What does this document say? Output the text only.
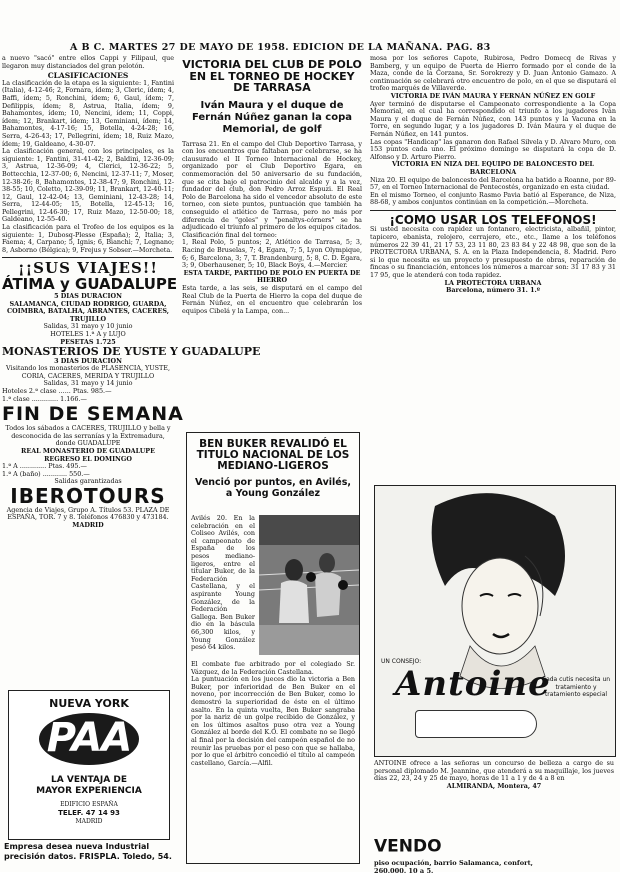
A B C. MARTES 27 DE MAYO DE 1958. EDICION DE LA MAÑANA. PAG. 83

a nuevo "sacó" entre ellos Cappi y Filipaul, que llegaron muy distanciados del gran pelotón.

CLASIFICACIONES

La clasificación de la etapa es la siguiente: 1, Fantini (Italia), 4-12-46; 2, Fornara, ídem; 3, Cleric, ídem; 4, Baffi, ídem; 5, Ronchini, ídem; 6, Gaul, ídem; 7, Defilippis, ídem; 8, Astrua, Italia, ídem; 9, Bahamontes, ídem; 10, Nencini, ídem; 11, Coppi, ídem; 12, Brankart, ídem; 13, Geminiani, ídem; 14, Bahamontes, 4-17-16; 15, Botella, 4-24-28; 16, Serra, 4-26-43; 17, Pellegrini, ídem; 18, Ruiz Mazo, ídem; 19, Galdeano, 4-30-07.

La clasificación general, con los principales, es la siguiente: 1, Fantini, 31-41-42; 2, Baldini, 12-36-09; 3, Astrua, 12-36-09; 4, Clerici, 12-36-22; 5, Bottecchia, 12-37-00; 6, Nencini, 12-37-11; 7, Moser, 12-38-26; 8, Bahamontes, 12-38-47; 9, Ronchini, 12-38-55; 10, Coletto, 12-39-09; 11, Brankart, 12-40-11; 12, Gaul, 12-42-04; 13, Geminiani, 12-43-28; 14, Serra, 12-44-05; 15, Botella, 12-45-13; 16, Pellegrini, 12-46-30; 17, Ruiz Mazo, 12-50-00; 18, Galdeano, 12-55-40.

La clasificación para el Trofeo de los equipos es la siguiente: 1, Dubosq-Plesse (España); 2, Italia; 3, Faema; 4, Carpano; 5, Ignis; 6, Bianchi; 7, Legnano; 8, Asborno (Bélgica); 9, Frejus y Sobser.—Morcheta.

¡¡SUS VIAJES!!
ÁTIMA y GUADALUPE

5 DIAS DURACION

SALAMANCA, CIUDAD RODRIGO, GUARDA, COIMBRA, BATALHA, ABRANTES, CACERES, TRUJILLO

Salidas, 31 mayo y 10 junio

HOTELES 1.ª A y LUJO

PESETAS 1.725

MONASTERIOS DE YUSTE Y GUADALUPE

3 DIAS DURACION

Visitando los monasterios de PLASENCIA, YUSTE, CORIA, CACERES, MERIDA Y TRUJILLO

Salidas, 31 mayo y 14 junio

Hoteles 2.ª clase ...... Ptas. 985.—

1.ª clase ............. 1.166.—

FIN DE SEMANA

Todos los sábados a CACERES, TRUJILLO y bella y desconocida de las serranías y la Extremadura, donde GUADALUPE

REAL MONASTERIO DE GUADALUPE

REGRESO EL DOMINGO

1.ª A ............. Ptas. 495.—

1.ª A (baño) ............ 550.—

Salidas garantizadas

IBEROTOURS

Agencia de Viajes, Grupo A. Títulos 53. PLAZA DE ESPAÑA, TOR. 7 y 8. Teléfonos 476830 y 473184.

MADRID

NUEVA YORK
PAA
LA VENTAJA DE
MAYOR EXPERIENCIA
EDIFICIO ESPAÑA
TELEF. 47 14 93
MADRID
Empresa desea nueva Industrial precisión datos. FRISPLA. Toledo, 54.
VICTORIA DEL CLUB DE POLO EN EL TORNEO DE HOCKEY DE TARRASA
Iván Maura y el duque de Fernán Núñez ganan la copa Memorial, de golf

Tarrasa 21. En el campo del Club Deportivo Tarrasa, y con los encuentros que faltaban por celebrarse, se ha clausurado el II Torneo Internacional de Hockey, organizado por el Club Deportivo Egara, en conmemoración del 50 aniversario de su fundación, que se cita bajo el patrocinio del alcalde y a la vez, fundador del club, don Pedro Arroz Espuzi. El Real Polo de Barcelona ha sido el vencedor absoluto de este torneo, con siete puntos, puntuación que también ha conseguido el atlético de Tarrasa, pero no más por diferencia de "goles" y "penaltys-córners" se ha adjudicado el triunfo al primero de los equipos citados.

Clasificación final del torneo:

1, Real Polo, 5 puntos; 2, Atlético de Tarrasa, 5; 3, Racing de Bruselas, 7; 4, Egara, 7; 5, Lyon Olympique, 6; 6, Barcelona, 3; 7, T. Brandenburg, 5; 8, C. D. Egara, 3; 9, Oberhausener, 5; 10, Black Boys, 4.—Mercier.

ESTA TARDE, PARTIDO DE POLO EN PUERTA DE HIERRO

Esta tarde, a las seis, se disputará en el campo del Real Club de la Puerta de Hierro la copa del duque de Fernán Núñez, en el encuentro que celebrarán los equipos Cibelá y la Lampa, con...

BEN BUKER REVALIDÓ EL TITULO NACIONAL DE LOS MEDIANO-LIGEROS
Venció por puntos, en Avilés, a Young González

Avilés 20. En la celebración en el Coliseo Avilés, con el campeonato de España de los pesos mediano-ligeros, entre el titular Buker, de la Federación Castellana, y el aspirante Young González, de la Federación Gallega. Ben Buker dio en la báscula 66,300 kilos, y Young González pesó 64 kilos.

El combate fue arbitrado por el colegiado Sr. Vázquez, de la Federación Castellana.

La puntuación en los jueces dio la victoria a Ben Buker, por inferioridad de Ben Buker en el noveno, por incorrección de Ben Buker, como lo demostró la superioridad de éste en el último asalto. En la quinta vuelta, Ben Buker sangraba por la nariz de un golpe recibido de González, y en los últimos asaltos puso otra vez a Young González al borde del K.O. El combate no se llegó al final por la decisión del campeón español de no reunir las pruebas por el peso con que se hallaba, por lo que el árbitro concedió el título al campeón castellano, García.—Alfil.

mosa por los señores Capote, Rubirosa, Pedro Domecq de Rivas y Bamberg, y un equipo de Puerta de Hierro formado por el conde de la Maza, conde de la Corzana, Sr. Sorokrezy y D. Juan Antonio Gamazo. A continuación se celebrará otro encuentro de polo, en el que se disputará el trofeo marqués de Villaverde.

VICTORIA DE IVÁN MAURA Y FERNÁN NÚÑEZ EN GOLF

Ayer terminó de disputarse el Campeonato correspondiente a la Copa Memorial, en el cual ha correspondido el triunfo a los jugadores Iván Maura y el duque de Fernán Núñez, con 143 puntos y la Vacuna en la Torre, en segundo lugar, y a los jugadores D. Iván Maura y el duque de Fernán Núñez, en 141 puntos.

Las copas "Handicap" las ganaron don Rafael Silvela y D. Alvaro Muro, con 153 puntos cada uno. El próximo domingo se disputará la copa de D. Alfonso y D. Arturo Pierro.

VICTORIA EN NIZA DEL EQUIPO DE BALONCESTO DEL BARCELONA

Niza 20. El equipo de baloncesto del Barcelona ha batido a Roanne, por 89-57, en el Torneo Internacional de Pentecostés, organizado en esta ciudad.

En el mismo Torneo, el conjunto Rasmo Pavia batió al Esperance, de Niza, 88-68, y ambos conjuntos continúan en la competición.—Morcheta.

¡COMO USAR LOS TELEFONOS!

Si usted necesita con rapidez un fontanero, electricista, albañil, pintor, tapicero, ebanista, relojero, cerrajero, etc., etc., llame a los teléfonos números 22 39 41, 21 17 53, 23 11 80, 23 83 84 y 22 48 98, que son de la PROTECTORA URBANA, S. A. en la Plaza Independencia, 8. Madrid. Pero si lo que necesita es un proyecto y presupuesto de obras, reparación de fincas o su financiación, entonces los números a marcar son: 31 17 83 y 31 17 95, que le atenderá con toda rapidez.

LA PROTECTORA URBANA

Barcelona, número 31. 1.º

UN CONSEJO:
Antoine
Cada cutis necesita un tratamiento y tratamiento especial

ANTOINE ofrece a las señoras un concurso de belleza a cargo de su personal diplomado M. Jeannine, que atenderá a su maquillaje, los jueves días 22, 23, 24 y 25 de mayo, horas de 11 a 1 y de 4 a 8 en

ALMIRANDA, Montera, 47

VENDO piso ocupación, barrio Salamanca, confort, 260.000. 10 a 5.
